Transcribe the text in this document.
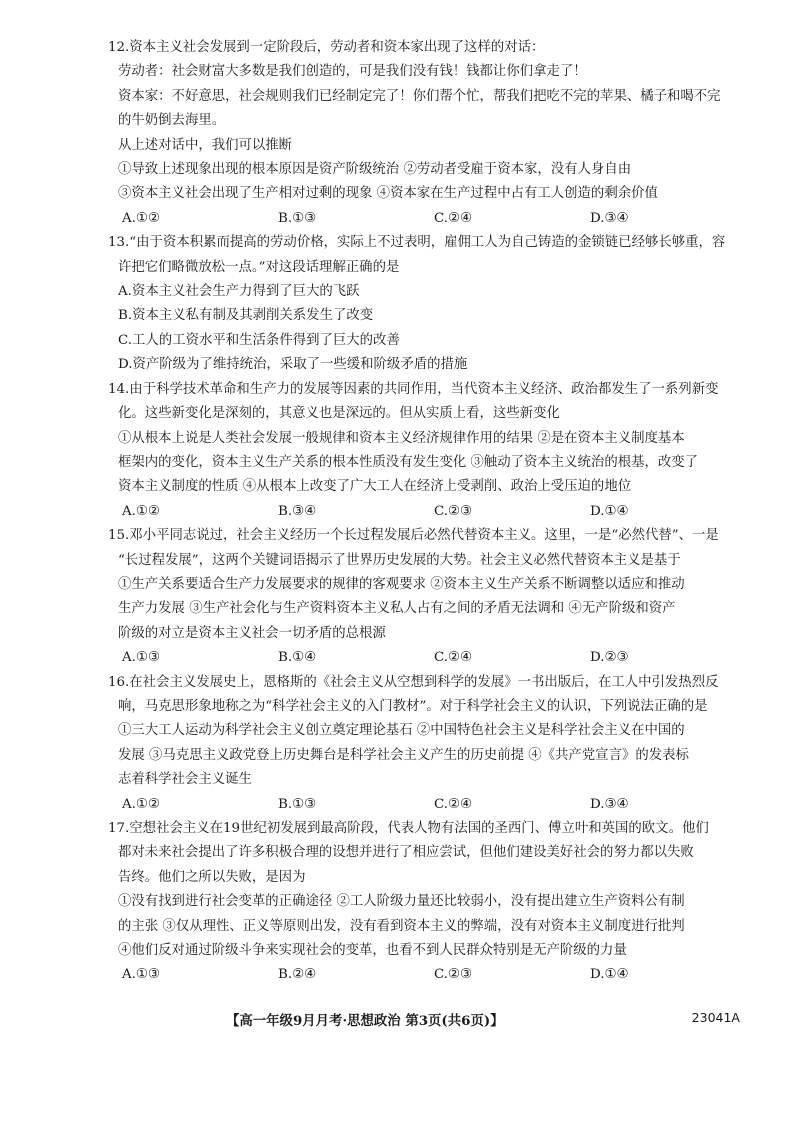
12.资本主义社会发展到一定阶段后，劳动者和资本家出现了这样的对话：
劳动者：社会财富大多数是我们创造的，可是我们没有钱！钱都让你们拿走了！
资本家：不好意思，社会规则我们已经制定完了！你们帮个忙，帮我们把吃不完的苹果、橘子和喝不完
的牛奶倒去海里。
从上述对话中，我们可以推断
①导致上述现象出现的根本原因是资产阶级统治 ②劳动者受雇于资本家，没有人身自由
③资本主义社会出现了生产相对过剩的现象 ④资本家在生产过程中占有工人创造的剩余价值
A.①②	B.①③	C.②④	D.③④
13.“由于资本积累而提高的劳动价格，实际上不过表明，雇佣工人为自己铸造的金锁链已经够长够重，容
许把它们略微放松一点。”对这段话理解正确的是
A.资本主义社会生产力得到了巨大的飞跃
B.资本主义私有制及其剥削关系发生了改变
C.工人的工资水平和生活条件得到了巨大的改善
D.资产阶级为了维持统治，采取了一些缓和阶级矛盾的措施
14.由于科学技术革命和生产力的发展等因素的共同作用，当代资本主义经济、政治都发生了一系列新变
化。这些新变化是深刻的，其意义也是深远的。但从实质上看，这些新变化
①从根本上说是人类社会发展一般规律和资本主义经济规律作用的结果 ②是在资本主义制度基本
框架内的变化，资本主义生产关系的根本性质没有发生变化 ③触动了资本主义统治的根基，改变了
资本主义制度的性质 ④从根本上改变了广大工人在经济上受剥削、政治上受压迫的地位
A.①②	B.③④	C.②③	D.①④
15.邓小平同志说过，社会主义经历一个长过程发展后必然代替资本主义。这里，一是“必然代替”、一是
“长过程发展”，这两个关键词语揭示了世界历史发展的大势。社会主义必然代替资本主义是基于
①生产关系要适合生产力发展要求的规律的客观要求 ②资本主义生产关系不断调整以适应和推动
生产力发展 ③生产社会化与生产资料资本主义私人占有之间的矛盾无法调和 ④无产阶级和资产
阶级的对立是资本主义社会一切矛盾的总根源
A.①③	B.①④	C.②④	D.②③
16.在社会主义发展史上，恩格斯的《社会主义从空想到科学的发展》一书出版后，在工人中引发热烈反
响，马克思形象地称之为“科学社会主义的入门教材”。对于科学社会主义的认识，下列说法正确的是
①三大工人运动为科学社会主义创立奠定理论基石 ②中国特色社会主义是科学社会主义在中国的
发展 ③马克思主义政党登上历史舞台是科学社会主义产生的历史前提 ④《共产党宣言》的发表标
志着科学社会主义诞生
A.①②	B.①③	C.②④	D.③④
17.空想社会主义在19世纪初发展到最高阶段，代表人物有法国的圣西门、傅立叶和英国的欧文。他们
都对未来社会提出了许多积极合理的设想并进行了相应尝试，但他们建设美好社会的努力都以失败
告终。他们之所以失败，是因为
①没有找到进行社会变革的正确途径 ②工人阶级力量还比较弱小，没有提出建立生产资料公有制
的主张 ③仅从理性、正义等原则出发，没有看到资本主义的弊端，没有对资本主义制度进行批判
④他们反对通过阶级斗争来实现社会的变革，也看不到人民群众特别是无产阶级的力量
A.①③	B.②④	C.②③	D.①④
【高一年级9月月考·思想政治 第3页(共6页)】	23041A
